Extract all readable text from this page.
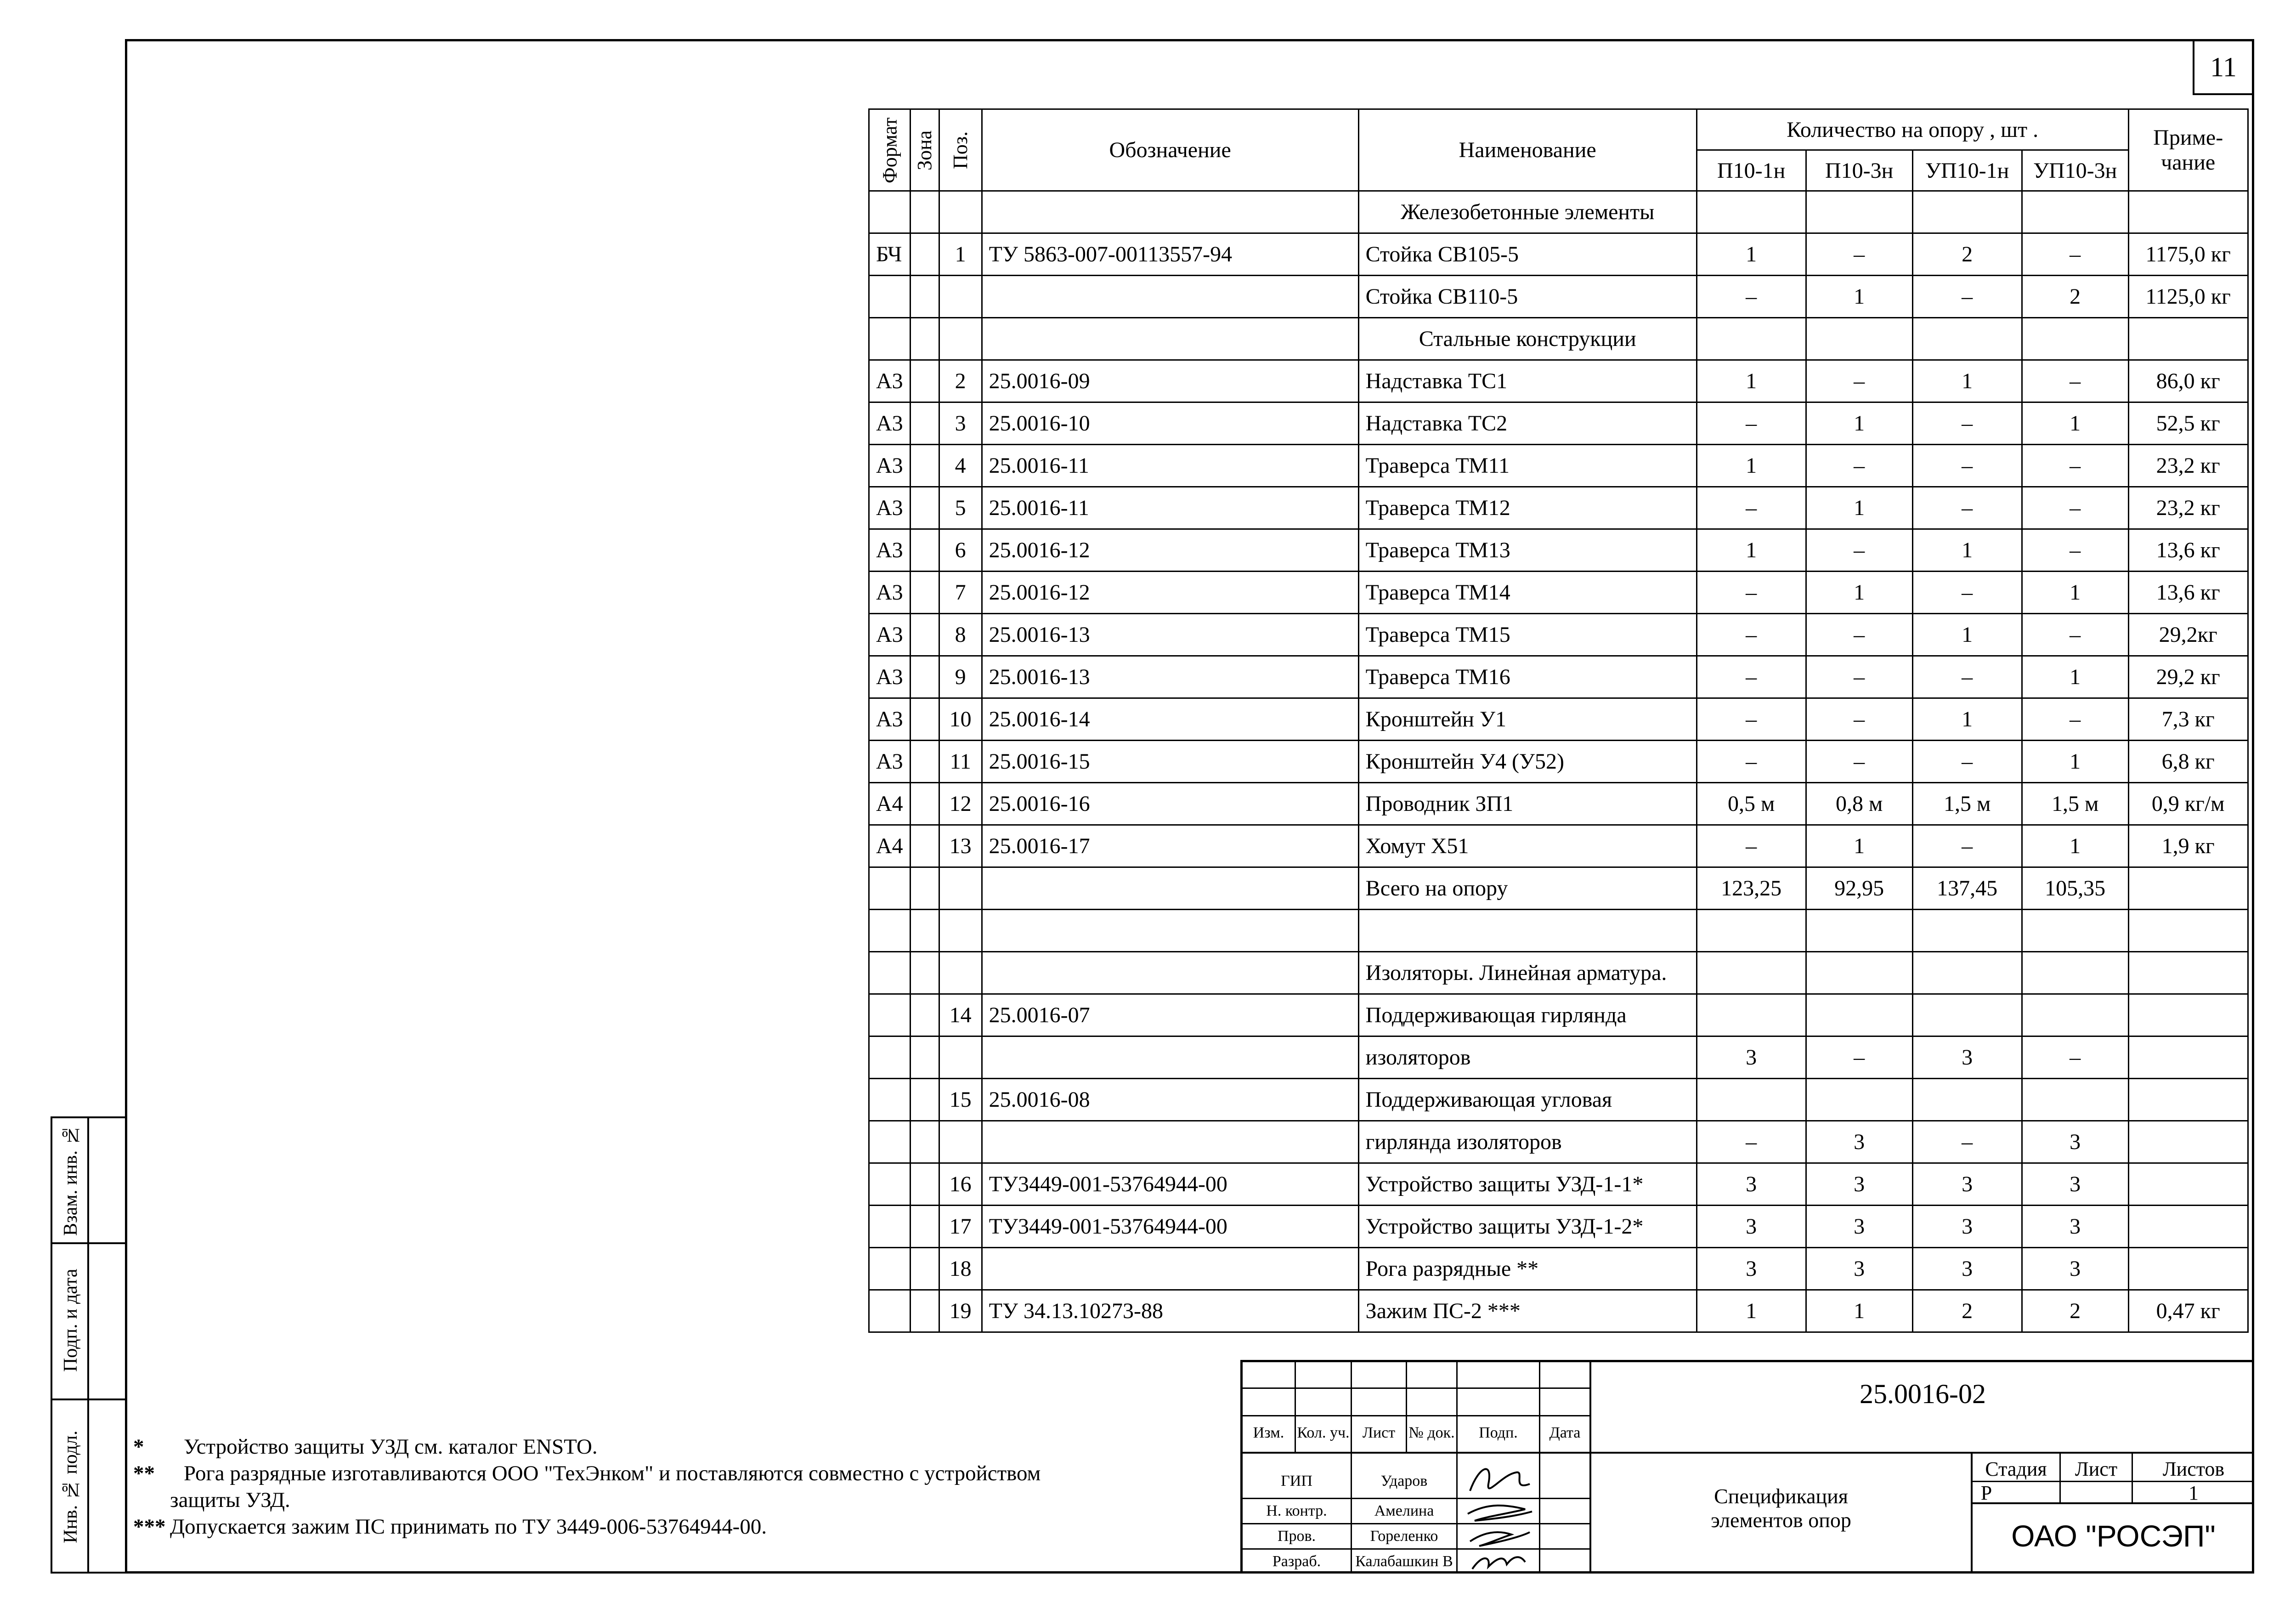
11
Формат	Зона	Поз.	Обозначение	Наименование	Количество на опору , шт .				Приме-
чание
					П10-1н	П10-3н	УП10-1н	УП10-3н	
				Железобетонные элементы					
БЧ		1	ТУ 5863-007-00113557-94	Стойка СВ105-5	1	–	2	–	1175,0 кг
				Стойка СВ110-5	–	1	–	2	1125,0 кг
				Стальные конструкции					
А3		2	25.0016-09	Надставка ТС1	1	–	1	–	86,0 кг
А3		3	25.0016-10	Надставка ТС2	–	1	–	1	52,5 кг
А3		4	25.0016-11	Траверса ТМ11	1	–	–	–	23,2 кг
А3		5	25.0016-11	Траверса ТМ12	–	1	–	–	23,2 кг
А3		6	25.0016-12	Траверса ТМ13	1	–	1	–	13,6 кг
А3		7	25.0016-12	Траверса ТМ14	–	1	–	1	13,6 кг
А3		8	25.0016-13	Траверса ТМ15	–	–	1	–	29,2кг
А3		9	25.0016-13	Траверса ТМ16	–	–	–	1	29,2 кг
А3		10	25.0016-14	Кронштейн У1	–	–	1	–	7,3 кг
А3		11	25.0016-15	Кронштейн У4 (У52)	–	–	–	1	6,8 кг
А4		12	25.0016-16	Проводник ЗП1	0,5 м	0,8 м	1,5 м	1,5 м	0,9 кг/м
А4		13	25.0016-17	Хомут Х51	–	1	–	1	1,9 кг
				Всего на опору	123,25	92,95	137,45	105,35	

				Изоляторы. Линейная арматура.					
		14	25.0016-07	Поддерживающая гирлянда					
				изоляторов	3	–	3	–	
		15	25.0016-08	Поддерживающая угловая					
				гирлянда изоляторов	–	3	–	3	
		16	ТУ3449-001-53764944-00	Устройство защиты УЗД-1-1*	3	3	3	3	
		17	ТУ3449-001-53764944-00	Устройство защиты УЗД-1-2*	3	3	3	3	
		18		Рога разрядные **	3	3	3	3	
		19	ТУ 34.13.10273-88	Зажим ПС-2 ***	1	1	2	2	0,47 кг
Взам. инв. №
Подп. и дата
Инв. № подл.	* Устройство защиты УЗД см. каталог ENSTO.
** Рога разрядные изготавливаются ООО "ТехЭнком" и поставляются совместно с устройством
защиты УЗД.
*** Допускается зажим ПС принимать по ТУ 3449-006-53764944-00.
Изм. Кол. уч. Лист № док.	Подп.	Дата
ГИП
Н. контр.
Пров.
Разраб.
Ударов
Амелина
Гореленко
Калабашкин В
25.0016-02
Спецификация
элементов опор
Стадия	Лист	Листов
Р	1
ОАО "РОСЭП"
